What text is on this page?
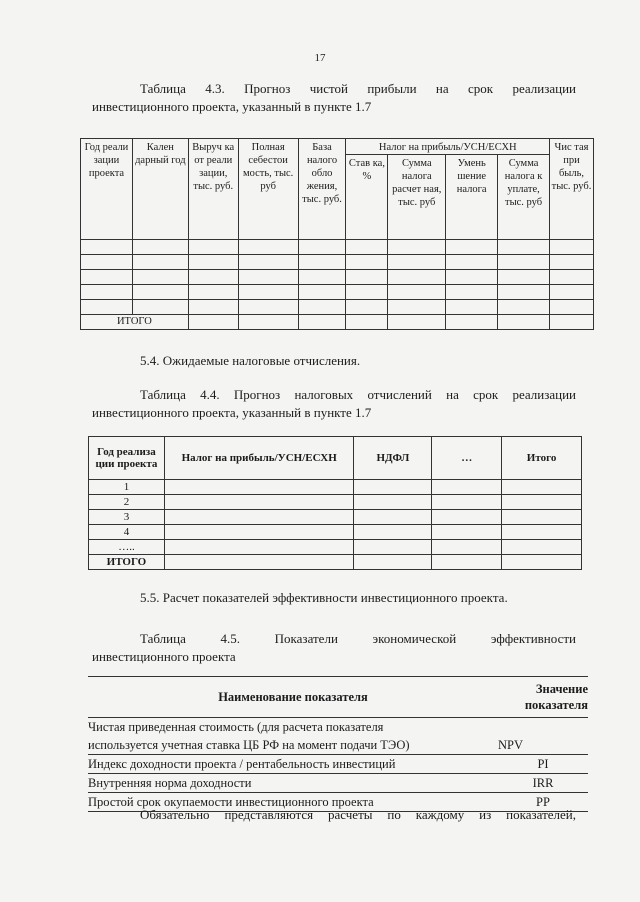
17
Таблица 4.3. Прогноз чистой прибыли на срок реализации
инвестиционного проекта, указанный в пункте 1.7
Год реали зации проекта	Кален дарный год	Выруч ка от реали зации, тыс. руб.	Полная себестои мость, тыс. руб	База налого обло жения, тыс. руб.	Налог на прибыль/УСН/ЕСХН				Чис тая при быль, тыс. руб.
					Став ка, %	Сумма налога расчет ная, тыс. руб	Умень шение налога	Сумма налога к уплате, тыс. руб	

ИТОГО									
5.4. Ожидаемые налоговые отчисления.
Таблица 4.4. Прогноз налоговых отчислений на срок реализации
инвестиционного проекта, указанный в пункте 1.7
Год реализа ции проекта	Налог на прибыль/УСН/ЕСХН	НДФЛ	…	Итого
1				
2				
3				
4				
…..				
ИТОГО				
5.5. Расчет показателей эффективности инвестиционного проекта.
Таблица 4.5. Показатели экономической эффективности
инвестиционного проекта
Наименование показателя	Значение
показателя

Чистая приведенная стоимость (для расчета показателя	
используется учетная ставка ЦБ РФ на момент подачи ТЭО)	NPV
Индекс доходности проекта / рентабельность инвестиций	PI
Внутренняя норма доходности	IRR
Простой срок окупаемости инвестиционного проекта	PP
Обязательно представляются расчеты по каждому из показателей,
